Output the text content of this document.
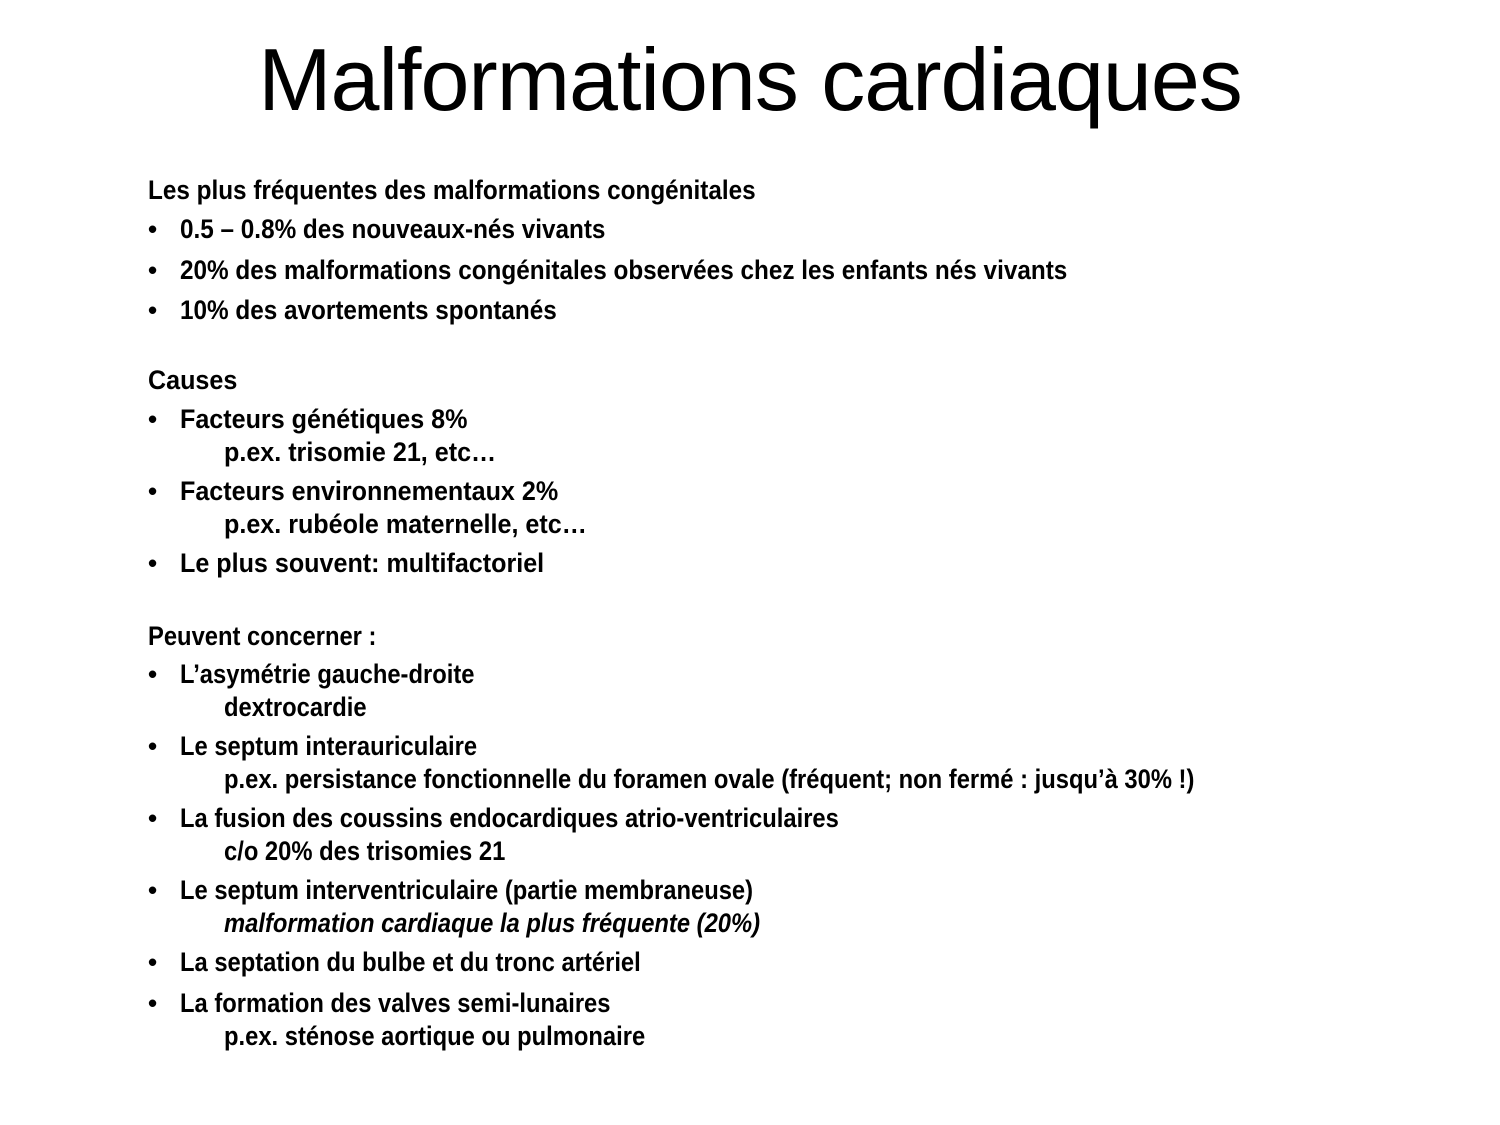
Malformations cardiaques
Les plus fréquentes des malformations congénitales
• 0.5 – 0.8% des nouveaux-nés vivants
• 20% des malformations congénitales observées chez les enfants nés vivants
• 10% des avortements spontanés
Causes
• Facteurs génétiques 8%
p.ex. trisomie 21, etc…
• Facteurs environnementaux 2%
p.ex. rubéole maternelle, etc…
• Le plus souvent: multifactoriel
Peuvent concerner :
• L’asymétrie gauche-droite
dextrocardie
• Le septum interauriculaire
p.ex. persistance fonctionnelle du foramen ovale (fréquent; non fermé : jusqu’à 30% !)
• La fusion des coussins endocardiques atrio-ventriculaires
c/o 20% des trisomies 21
• Le septum interventriculaire (partie membraneuse)
malformation cardiaque la plus fréquente (20%)
• La septation du bulbe et du tronc artériel
• La formation des valves semi-lunaires
p.ex. sténose aortique ou pulmonaire
